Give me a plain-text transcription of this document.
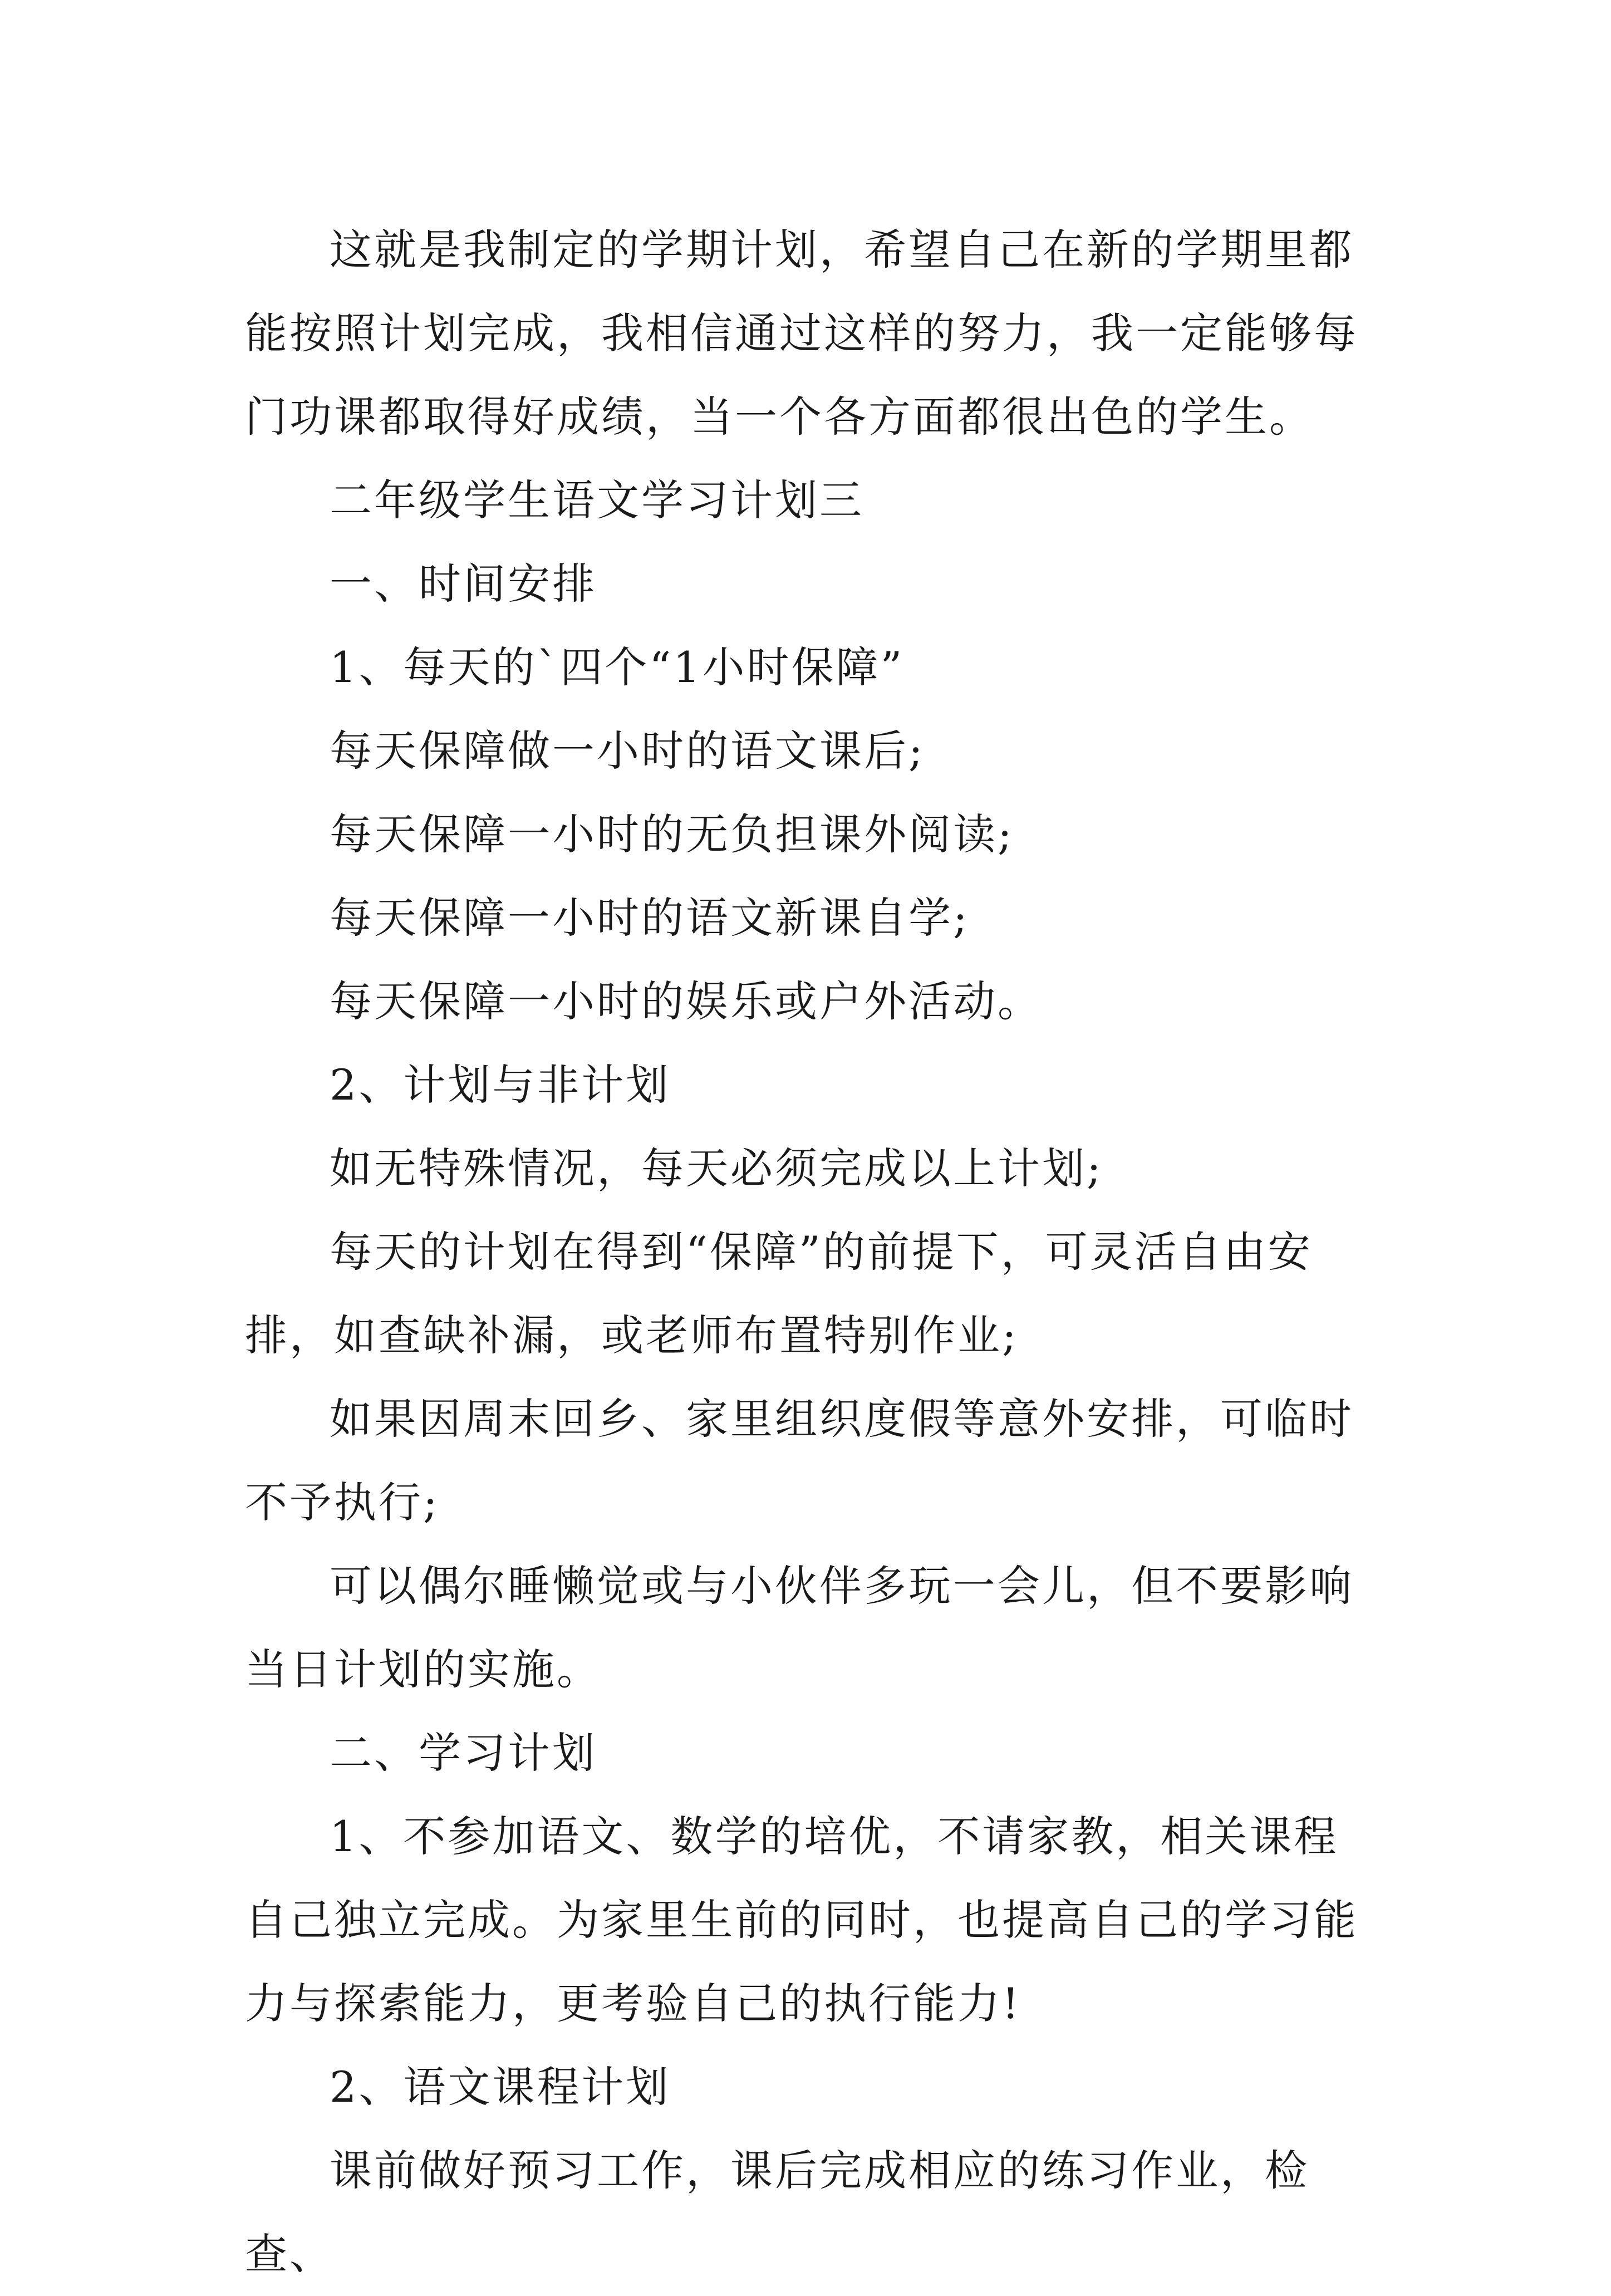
这就是我制定的学期计划，希望自己在新的学期里都能按照计划完成，我相信通过这样的努力，我一定能够每门功课都取得好成绩，当一个各方面都很出色的学生。

二年级学生语文学习计划三

一、时间安排

1、每天的`四个“1小时保障”

每天保障做一小时的语文课后;

每天保障一小时的无负担课外阅读;

每天保障一小时的语文新课自学;

每天保障一小时的娱乐或户外活动。

2、计划与非计划

如无特殊情况，每天必须完成以上计划;

每天的计划在得到“保障”的前提下，可灵活自由安排，如查缺补漏，或老师布置特别作业;

如果因周末回乡、家里组织度假等意外安排，可临时不予执行;

可以偶尔睡懒觉或与小伙伴多玩一会儿，但不要影响当日计划的实施。

二、学习计划

1、不参加语文、数学的培优，不请家教，相关课程自己独立完成。为家里生前的同时，也提高自己的学习能力与探索能力，更考验自己的执行能力!

2、语文课程计划

课前做好预习工作，课后完成相应的练习作业，检查、
